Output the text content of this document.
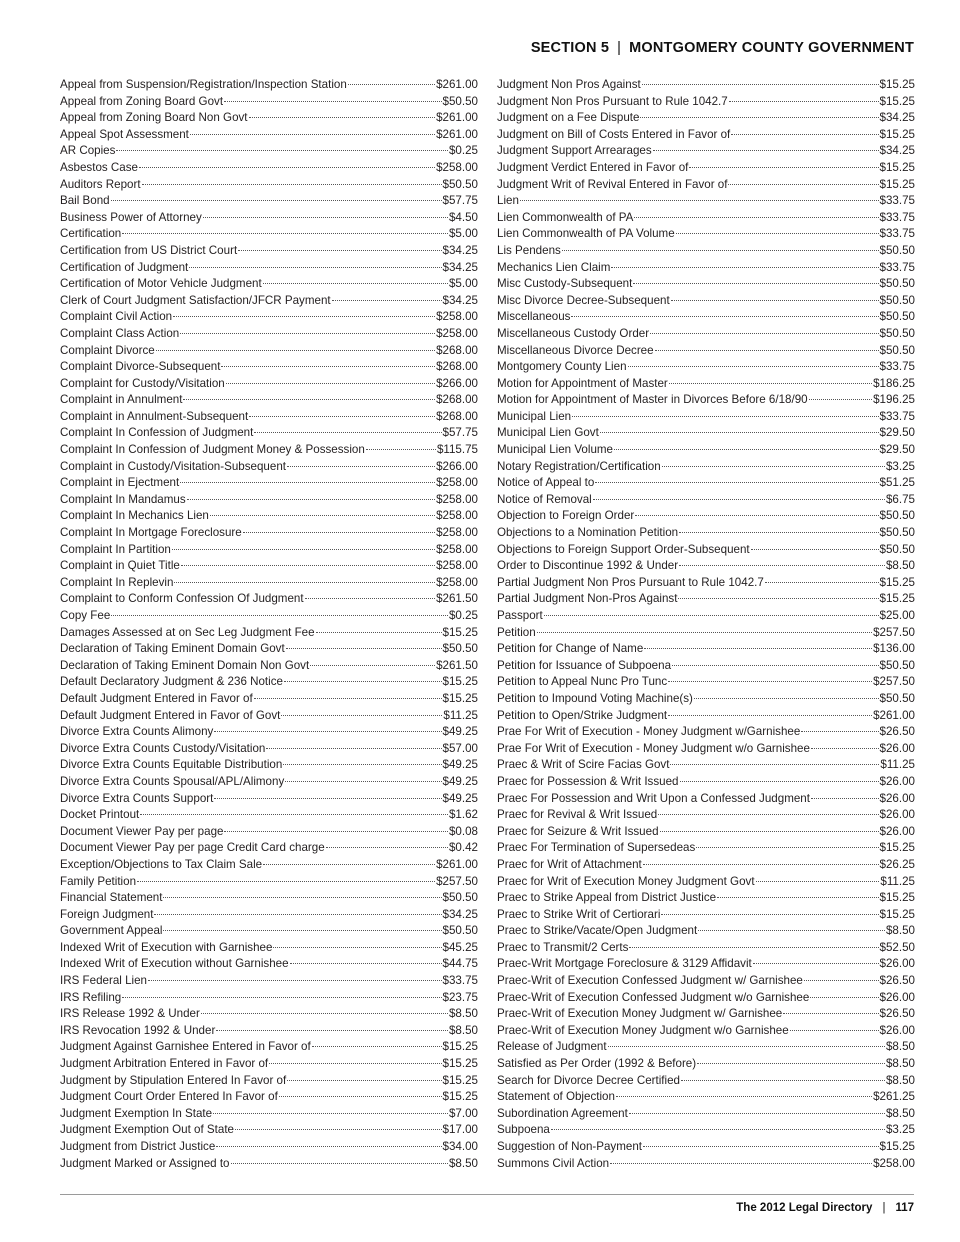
SECTION 5 | MONTGOMERY COUNTY GOVERNMENT
Appeal from Suspension/Registration/Inspection Station	$261.00
Appeal from Zoning Board Govt	$50.50
Appeal from Zoning Board Non Govt	$261.00
Appeal Spot Assessment	$261.00
AR Copies	$0.25
Asbestos Case	$258.00
Auditors Report	$50.50
Bail Bond	$57.75
Business Power of Attorney	$4.50
Certification	$5.00
Certification from US District Court	$34.25
Certification of Judgment	$34.25
Certification of Motor Vehicle Judgment	$5.00
Clerk of Court Judgment Satisfaction/JFCR Payment	$34.25
Complaint Civil Action	$258.00
Complaint Class Action	$258.00
Complaint Divorce	$268.00
Complaint Divorce-Subsequent	$268.00
Complaint for Custody/Visitation	$266.00
Complaint in Annulment	$268.00
Complaint in Annulment-Subsequent	$268.00
Complaint In Confession of Judgment	$57.75
Complaint In Confession of Judgment Money & Possession	$115.75
Complaint in Custody/Visitation-Subsequent	$266.00
Complaint in Ejectment	$258.00
Complaint In Mandamus	$258.00
Complaint In Mechanics Lien	$258.00
Complaint In Mortgage Foreclosure	$258.00
Complaint In Partition	$258.00
Complaint in Quiet Title	$258.00
Complaint In Replevin	$258.00
Complaint to Conform Confession Of Judgment	$261.50
Copy Fee	$0.25
Damages Assessed at on Sec Leg Judgment Fee	$15.25
Declaration of Taking Eminent Domain Govt	$50.50
Declaration of Taking Eminent Domain Non Govt	$261.50
Default Declaratory Judgment & 236 Notice	$15.25
Default Judgment Entered in Favor of	$15.25
Default Judgment Entered in Favor of Govt	$11.25
Divorce Extra Counts Alimony	$49.25
Divorce Extra Counts Custody/Visitation	$57.00
Divorce Extra Counts Equitable Distribution	$49.25
Divorce Extra Counts Spousal/APL/Alimony	$49.25
Divorce Extra Counts Support	$49.25
Docket Printout	$1.62
Document Viewer Pay per page	$0.08
Document Viewer Pay per page Credit Card charge	$0.42
Exception/Objections to Tax Claim Sale	$261.00
Family Petition	$257.50
Financial Statement	$50.50
Foreign Judgment	$34.25
Government Appeal	$50.50
Indexed Writ of Execution with Garnishee	$45.25
Indexed Writ of Execution without Garnishee	$44.75
IRS Federal Lien	$33.75
IRS Refiling	$23.75
IRS Release 1992 & Under	$8.50
IRS Revocation 1992 & Under	$8.50
Judgment Against Garnishee Entered in Favor of	$15.25
Judgment Arbitration Entered in Favor of	$15.25
Judgment by Stipulation Entered In Favor of	$15.25
Judgment Court Order Entered In Favor of	$15.25
Judgment Exemption In State	$7.00
Judgment Exemption Out of State	$17.00
Judgment from District Justice	$34.00
Judgment Marked or Assigned to	$8.50
Judgment Non Pros Against	$15.25
Judgment Non Pros Pursuant to Rule 1042.7	$15.25
Judgment on a Fee Dispute	$34.25
Judgment on Bill of Costs Entered in Favor of	$15.25
Judgment Support Arrearages	$34.25
Judgment Verdict Entered in Favor of	$15.25
Judgment Writ of Revival Entered in Favor of	$15.25
Lien	$33.75
Lien Commonwealth of PA	$33.75
Lien Commonwealth of PA Volume	$33.75
Lis Pendens	$50.50
Mechanics Lien Claim	$33.75
Misc Custody-Subsequent	$50.50
Misc Divorce Decree-Subsequent	$50.50
Miscellaneous	$50.50
Miscellaneous Custody Order	$50.50
Miscellaneous Divorce Decree	$50.50
Montgomery County Lien	$33.75
Motion for Appointment of Master	$186.25
Motion for Appointment of Master in Divorces Before 6/18/90	$196.25
Municipal Lien	$33.75
Municipal Lien Govt	$29.50
Municipal Lien Volume	$29.50
Notary Registration/Certification	$3.25
Notice of Appeal to	$51.25
Notice of Removal	$6.75
Objection to Foreign Order	$50.50
Objections to a Nomination Petition	$50.50
Objections to Foreign Support Order-Subsequent	$50.50
Order to Discontinue 1992 & Under	$8.50
Partial Judgment Non Pros Pursuant to Rule 1042.7	$15.25
Partial Judgment Non-Pros Against	$15.25
Passport	$25.00
Petition	$257.50
Petition for Change of Name	$136.00
Petition for Issuance of Subpoena	$50.50
Petition to Appeal Nunc Pro Tunc	$257.50
Petition to Impound Voting Machine(s)	$50.50
Petition to Open/Strike Judgment	$261.00
Prae For Writ of Execution - Money Judgment w/Garnishee	$26.50
Prae For Writ of Execution - Money Judgment w/o Garnishee	$26.00
Praec & Writ of Scire Facias Govt	$11.25
Praec for Possession & Writ Issued	$26.00
Praec For Possession and Writ Upon a Confessed Judgment	$26.00
Praec for Revival & Writ Issued	$26.00
Praec for Seizure & Writ Issued	$26.00
Praec For Termination of Supersedeas	$15.25
Praec for Writ of Attachment	$26.25
Praec for Writ of Execution Money Judgment Govt	$11.25
Praec to Strike Appeal from District Justice	$15.25
Praec to Strike Writ of Certiorari	$15.25
Praec to Strike/Vacate/Open Judgment	$8.50
Praec to Transmit/2 Certs	$52.50
Praec-Writ Mortgage Foreclosure & 3129 Affidavit	$26.00
Praec-Writ of Execution Confessed Judgment w/ Garnishee	$26.50
Praec-Writ of Execution Confessed Judgment w/o Garnishee	$26.00
Praec-Writ of Execution Money Judgment w/ Garnishee	$26.50
Praec-Writ of Execution Money Judgment w/o Garnishee	$26.00
Release of Judgment	$8.50
Satisfied as Per Order (1992 & Before)	$8.50
Search for Divorce Decree Certified	$8.50
Statement of Objection	$261.25
Subordination Agreement	$8.50
Subpoena	$3.25
Suggestion of Non-Payment	$15.25
Summons Civil Action	$258.00
The 2012 Legal Directory | 117
